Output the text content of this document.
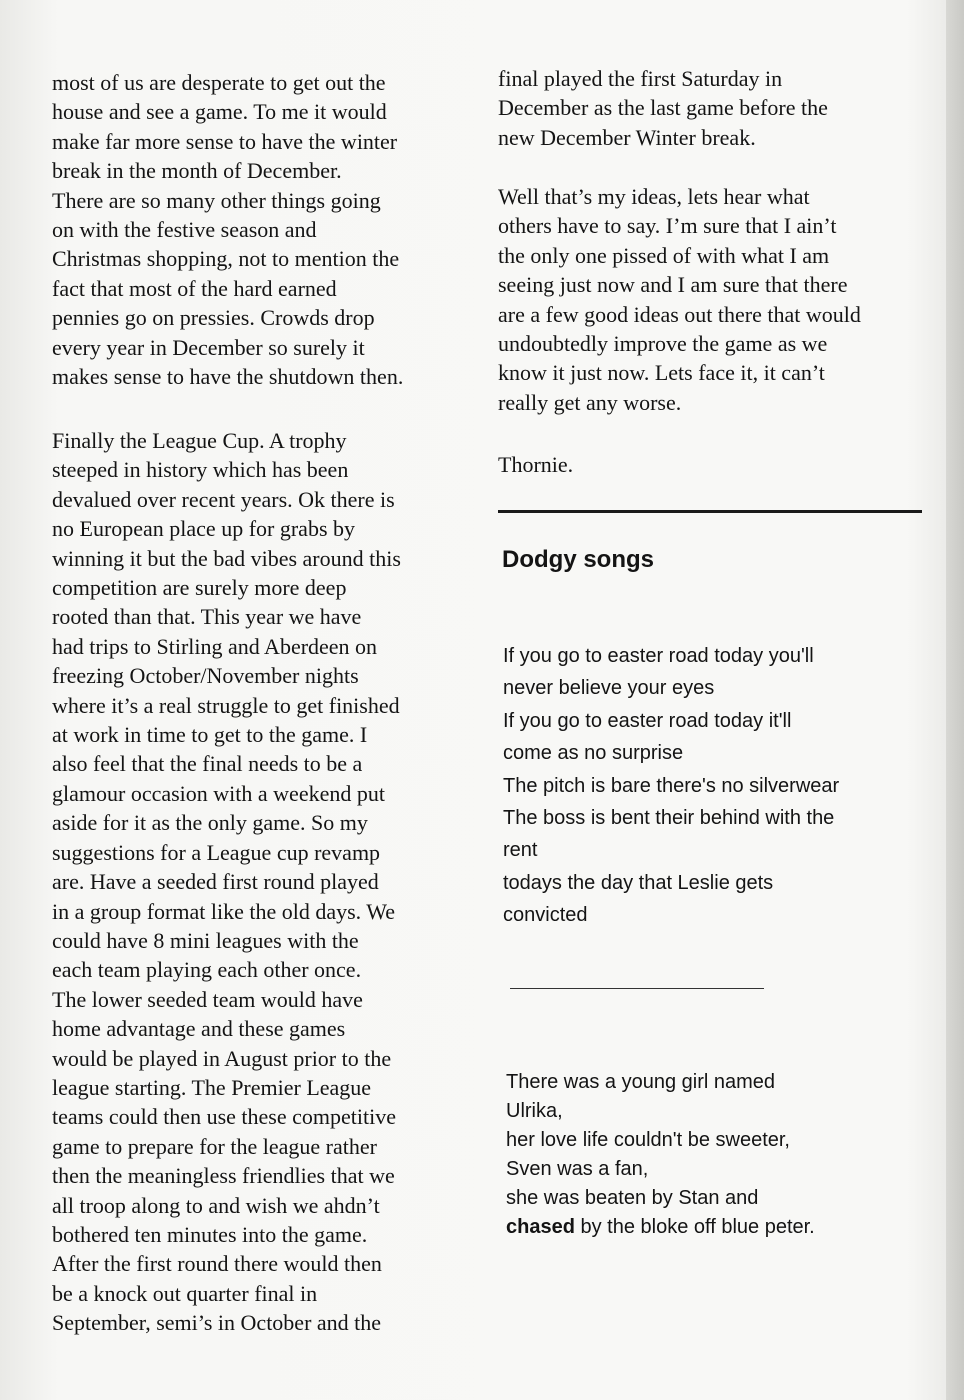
most of us are desperate to get out the
house and see a game. To me it would
make far more sense to have the winter
break in the month of December.
There are so many other things going
on with the festive season and
Christmas shopping, not to mention the
fact that most of the hard earned
pennies go on pressies. Crowds drop
every year in December so surely it
makes sense to have the shutdown then.
Finally the League Cup. A trophy
steeped in history which has been
devalued over recent years. Ok there is
no European place up for grabs by
winning it but the bad vibes around this
competition are surely more deep
rooted than that. This year we have
had trips to Stirling and Aberdeen on
freezing October/November nights
where it’s a real struggle to get finished
at work in time to get to the game. I
also feel that the final needs to be a
glamour occasion with a weekend put
aside for it as the only game. So my
suggestions for a League cup revamp
are. Have a seeded first round played
in a group format like the old days. We
could have 8 mini leagues with the
each team playing each other once.
The lower seeded team would have
home advantage and these games
would be played in August prior to the
league starting. The Premier League
teams could then use these competitive
game to prepare for the league rather
then the meaningless friendlies that we
all troop along to and wish we ahdn’t
bothered ten minutes into the game.
After the first round there would then
be a knock out quarter final in
September, semi’s in October and the
final played the first Saturday in
December as the last game before the
new December Winter break.
Well that’s my ideas, lets hear what
others have to say. I’m sure that I ain’t
the only one pissed of with what I am
seeing just now and I am sure that there
are a few good ideas out there that would
undoubtedly improve the game as we
know it just now. Lets face it, it can’t
really get any worse.
Thornie.
Dodgy songs
If you go to easter road today you'll
never believe your eyes
If you go to easter road today it'll
come as no surprise
The pitch is bare there's no silverwear
The boss is bent their behind with the
rent
todays the day that Leslie gets
convicted
There was a young girl named
Ulrika,
her love life couldn't be sweeter,
Sven was a fan,
she was beaten by Stan and
chased by the bloke off blue peter.
